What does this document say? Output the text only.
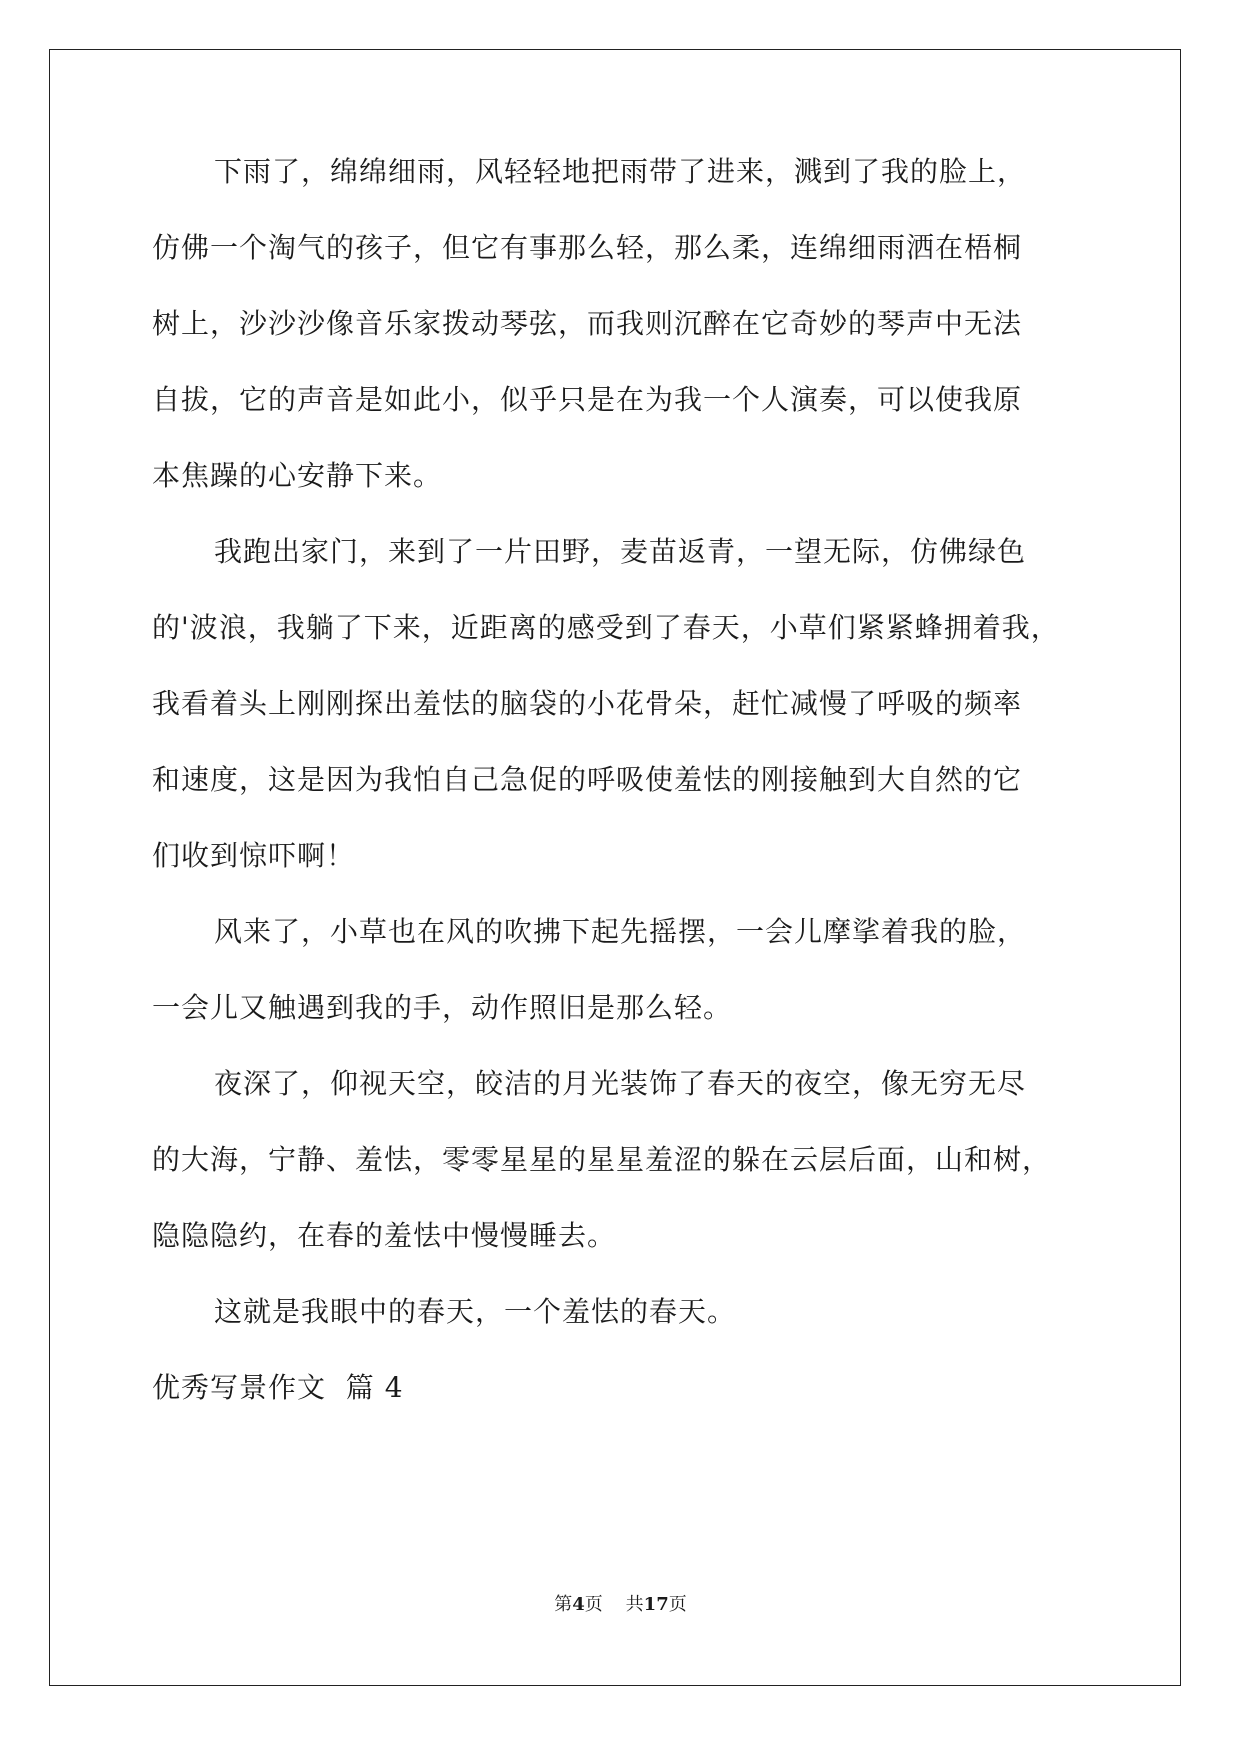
下雨了，绵绵细雨，风轻轻地把雨带了进来，溅到了我的脸上，
仿佛一个淘气的孩子，但它有事那么轻，那么柔，连绵细雨洒在梧桐
树上，沙沙沙像音乐家拨动琴弦，而我则沉醉在它奇妙的琴声中无法
自拔，它的声音是如此小，似乎只是在为我一个人演奏，可以使我原
本焦躁的心安静下来。
我跑出家门，来到了一片田野，麦苗返青，一望无际，仿佛绿色
的'波浪，我躺了下来，近距离的感受到了春天，小草们紧紧蜂拥着我，
我看着头上刚刚探出羞怯的脑袋的小花骨朵，赶忙减慢了呼吸的频率
和速度，这是因为我怕自己急促的呼吸使羞怯的刚接触到大自然的它
们收到惊吓啊！
风来了，小草也在风的吹拂下起先摇摆，一会儿摩挲着我的脸，
一会儿又触遇到我的手，动作照旧是那么轻。
夜深了，仰视天空，皎洁的月光装饰了春天的夜空，像无穷无尽
的大海，宁静、羞怯，零零星星的星星羞涩的躲在云层后面，山和树，
隐隐隐约，在春的羞怯中慢慢睡去。
这就是我眼中的春天，一个羞怯的春天。
优秀写景作文  篇 4
第4页 共17页
